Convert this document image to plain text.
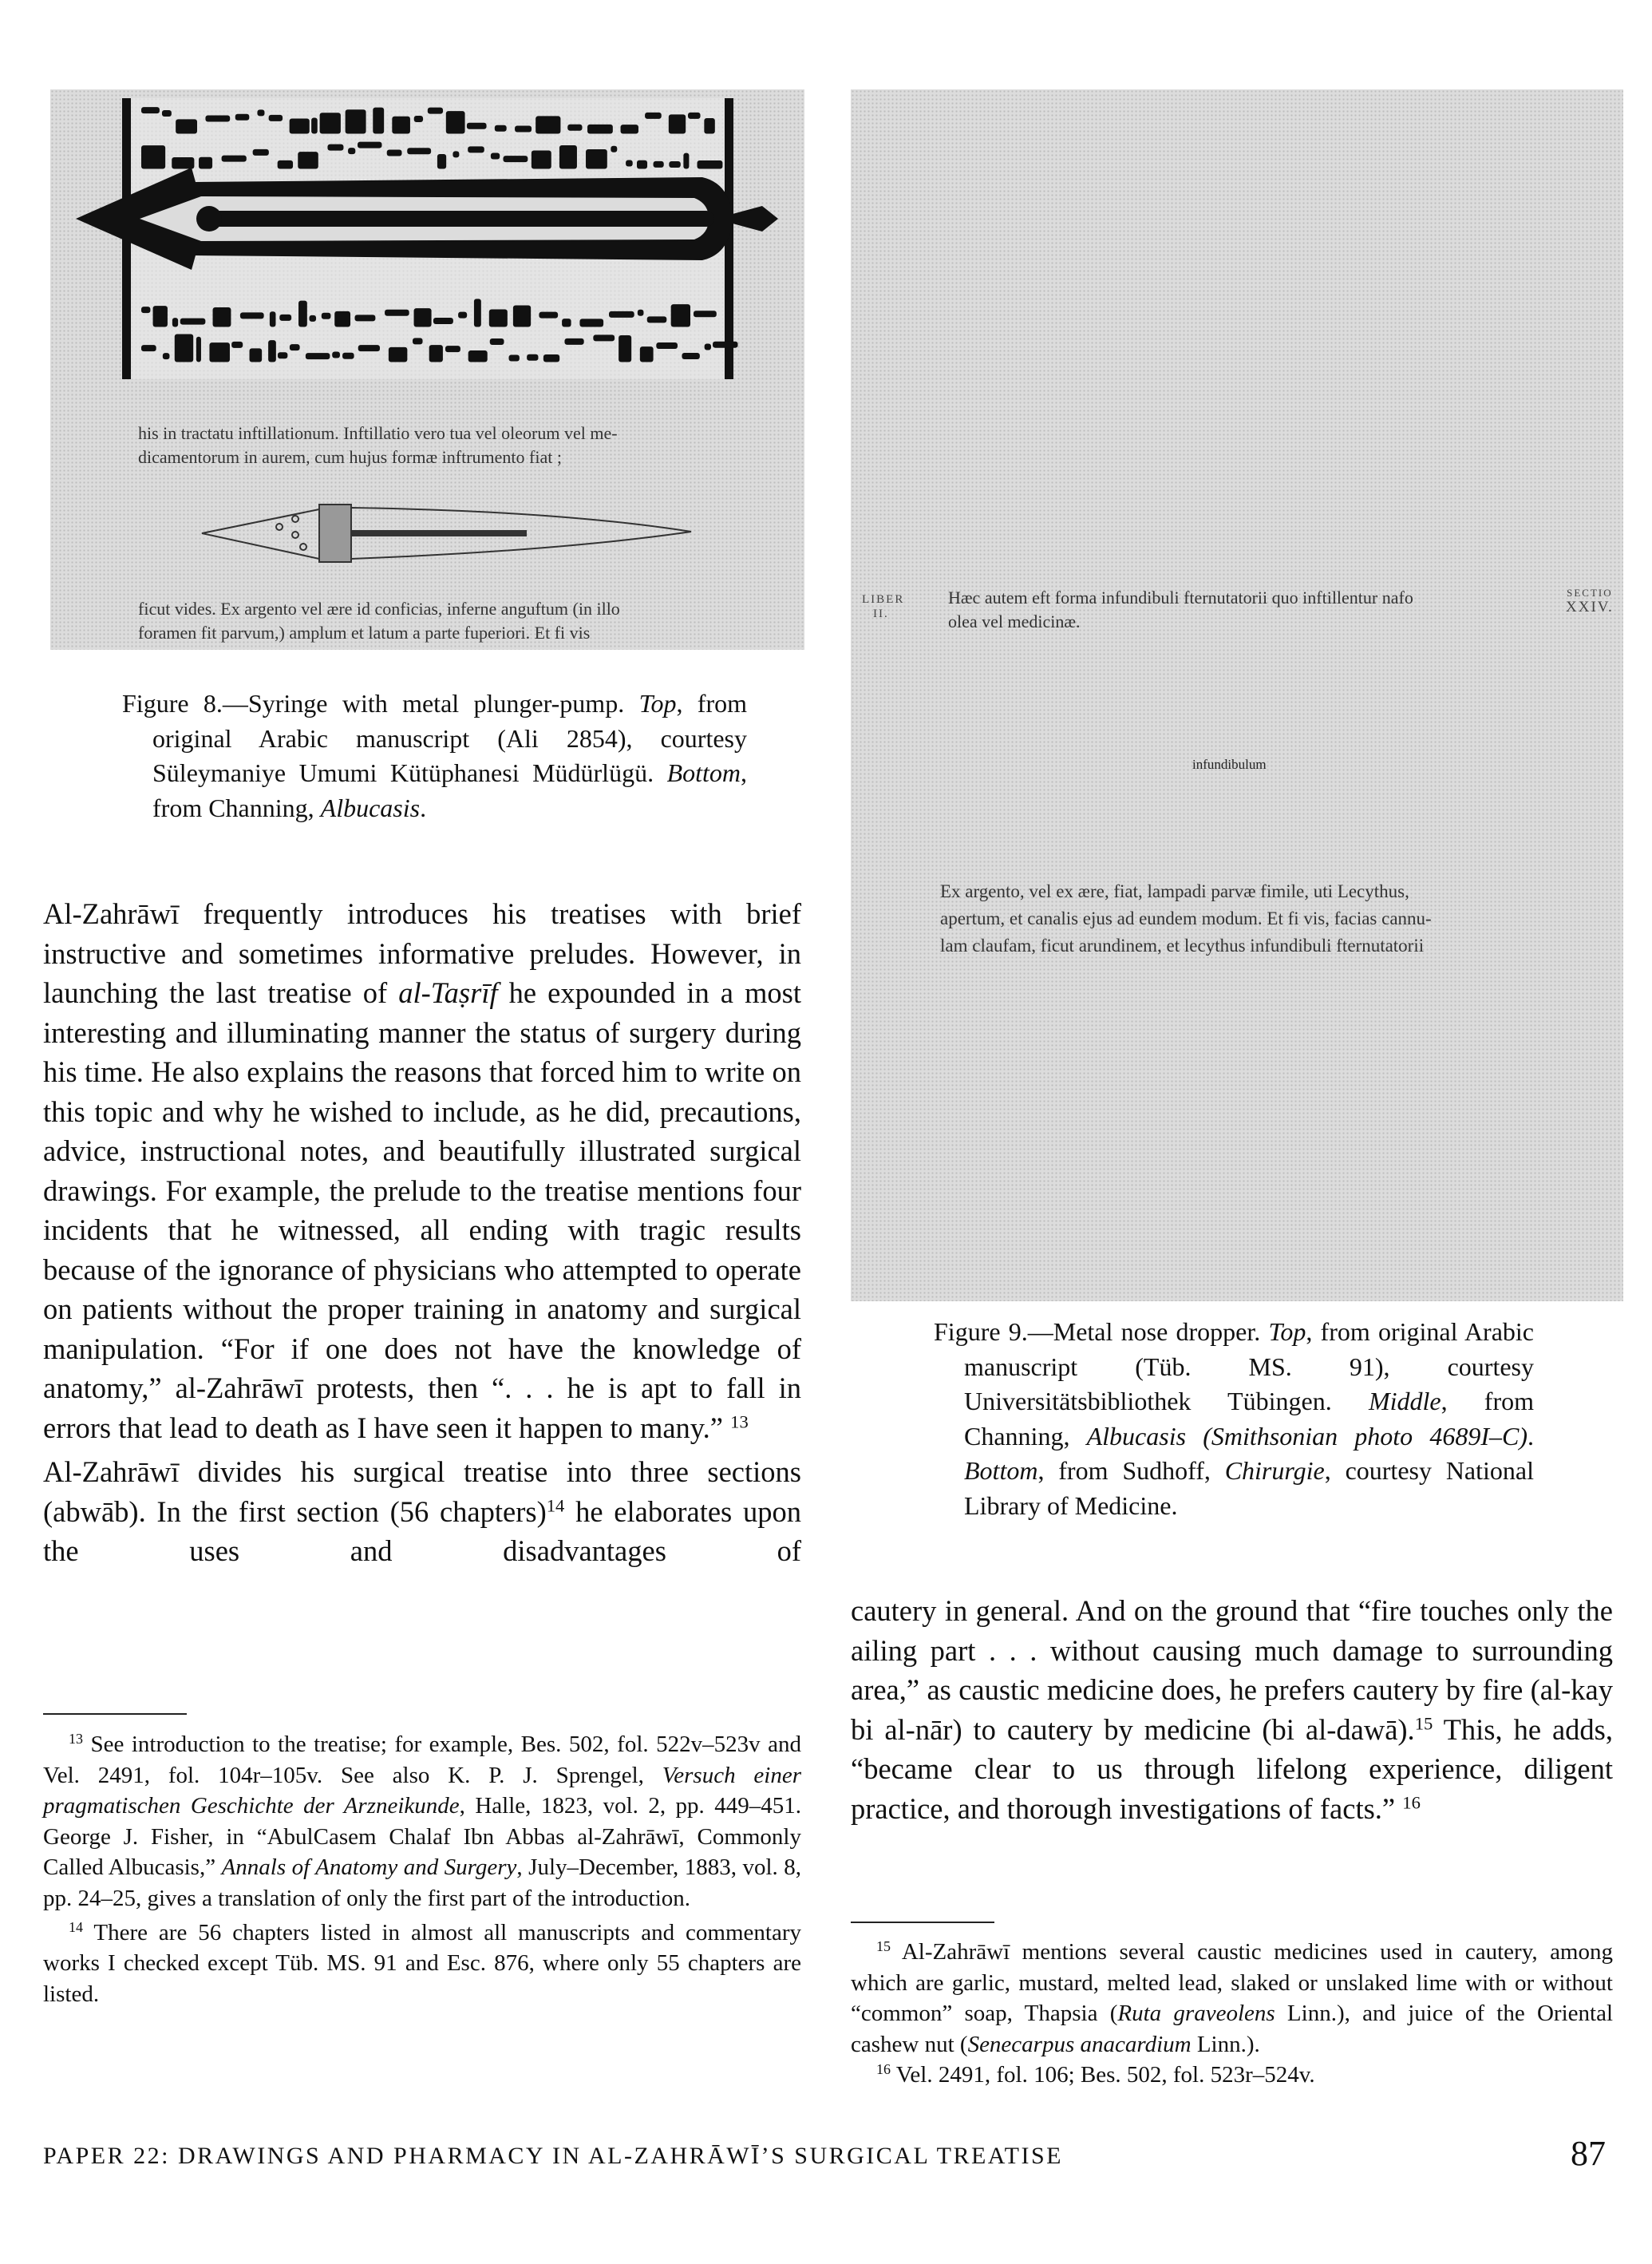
his in tractatu inftillationum. Inftillatio vero tua vel oleorum vel me-
dicamentorum in aurem, cum hujus formæ inftrumento fiat ;
ficut vides. Ex argento vel ære id conficias, inferne anguftum (in illo
foramen fit parvum,) amplum et latum a parte fuperiori. Et fi vis
Figure 8.—Syringe with metal plunger-pump. Top, from original Arabic manuscript (Ali 2854), courtesy Süleymaniye Umumi Kütüphanesi Müdürlügü. Bottom, from Channing, Albucasis.
Hæc autem eft forma infundibuli fternutatorii quo inftillentur nafo
olea vel medicinæ.
LIBER
II.
SECTIO
XXIV.
infundibulum
Ex argento, vel ex ære, fiat, lampadi parvæ fimile, uti Lecythus,
apertum, et canalis ejus ad eundem modum. Et fi vis, facias cannu-
lam claufam, ficut arundinem, et lecythus infundibuli fternutatorii
Figure 9.—Metal nose dropper. Top, from original Arabic manuscript (Tüb. MS. 91), courtesy Universitätsbibliothek Tübingen. Middle, from Channing, Albucasis (Smithsonian photo 4689I–C). Bottom, from Sudhoff, Chirurgie, courtesy National Library of Medicine.

Al-Zahrāwī frequently introduces his treatises with brief instructive and sometimes informative preludes. However, in launching the last treatise of al-Taṣrīf he expounded in a most interesting and illuminating manner the status of surgery during his time. He also explains the reasons that forced him to write on this topic and why he wished to include, as he did, precautions, advice, instructional notes, and beautifully illustrated surgical drawings. For example, the prelude to the treatise mentions four incidents that he witnessed, all ending with tragic results because of the ignorance of physicians who attempted to operate on patients without the proper training in anatomy and surgical manipulation. “For if one does not have the knowledge of anatomy,” al-Zahrāwī protests, then “. . . he is apt to fall in errors that lead to death as I have seen it happen to many.” $^{13}$

Al-Zahrāwī divides his surgical treatise into three sections (abwāb). In the first section (56 chapters)$^{14}$ he elaborates upon the uses and disadvantages of

$^{13}$ See introduction to the treatise; for example, Bes. 502, fol. 522v–523v and Vel. 2491, fol. 104r–105v. See also K. P. J. Sprengel, Versuch einer pragmatischen Geschichte der Arzneikunde, Halle, 1823, vol. 2, pp. 449–451. George J. Fisher, in “AbulCasem Chalaf Ibn Abbas al-Zahrāwī, Commonly Called Albucasis,” Annals of Anatomy and Surgery, July–December, 1883, vol. 8, pp. 24–25, gives a translation of only the first part of the introduction.

$^{14}$ There are 56 chapters listed in almost all manuscripts and commentary works I checked except Tüb. MS. 91 and Esc. 876, where only 55 chapters are listed.

cautery in general. And on the ground that “fire touches only the ailing part . . . without causing much damage to surrounding area,” as caustic medicine does, he prefers cautery by fire (al-kay bi al-nār) to cautery by medicine (bi al-dawā).$^{15}$ This, he adds, “became clear to us through lifelong experience, diligent practice, and thorough investigations of facts.” $^{16}$

$^{15}$ Al-Zahrāwī mentions several caustic medicines used in cautery, among which are garlic, mustard, melted lead, slaked or unslaked lime with or without “common” soap, Thapsia (Ruta graveolens Linn.), and juice of the Oriental cashew nut (Senecarpus anacardium Linn.).

$^{16}$ Vel. 2491, fol. 106; Bes. 502, fol. 523r–524v.

PAPER 22: DRAWINGS AND PHARMACY IN AL-ZAHRĀWĪ’S SURGICAL TREATISE	87
